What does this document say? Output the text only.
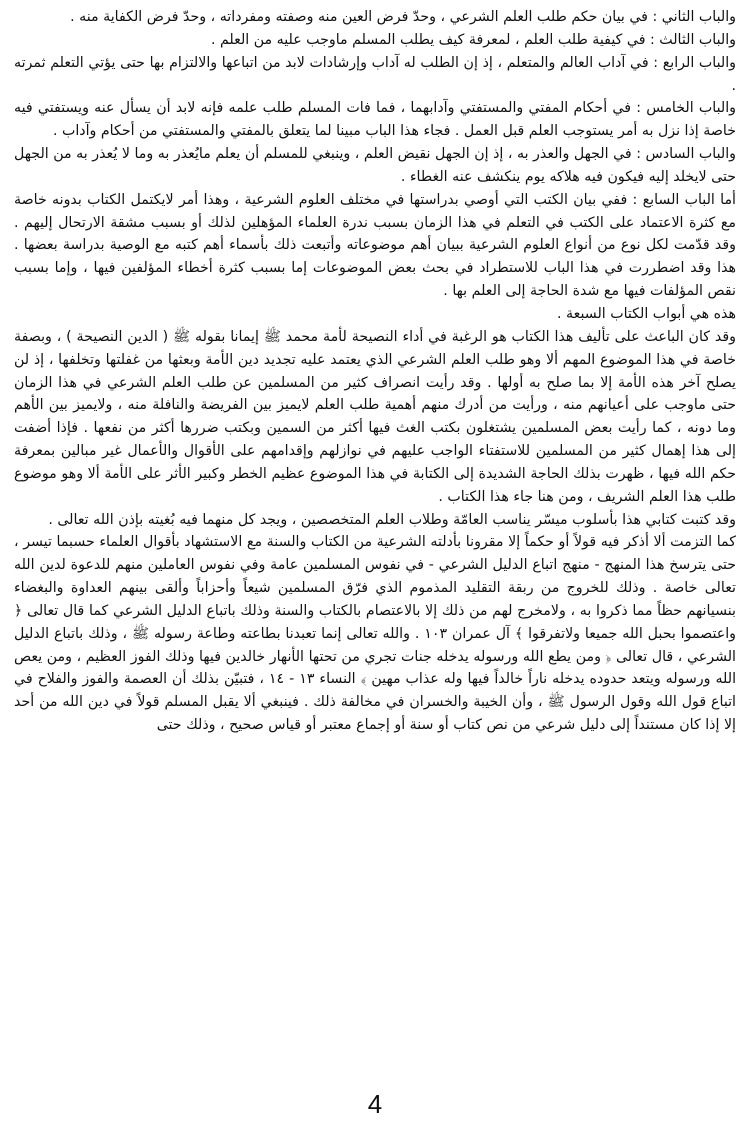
والباب الثاني : في بيان حكم طلب العلم الشرعي ، وحدّ فرض العين منه وصفته ومفرداته ، وحدّ فرض الكفاية منه .

والباب الثالث : في كيفية طلب العلم ، لمعرفة كيف يطلب المسلم ماوجب عليه من العلم .

والباب الرابع : في آداب العالم والمتعلم ، إذ إن الطلب له آداب وإرشادات لابد من اتباعها والالتزام بها حتى يؤتي التعلم ثمرته .

والباب الخامس : في أحكام المفتي والمستفتي وآدابهما ، فما فات المسلم طلب علمه فإنه لابد أن يسأل عنه ويستفتي فيه خاصة إذا نزل به أمر يستوجب العلم قبل العمل . فجاء هذا الباب مبينا لما يتعلق بالمفتي والمستفتي من أحكام وآداب .

والباب السادس : في الجهل والعذر به ، إذ إن الجهل نقيض العلم ، وينبغي للمسلم أن يعلم مايُعذر به وما لا يُعذر به من الجهل حتى لايخلد إليه فيكون فيه هلاكه يوم ينكشف عنه الغطاء .

أما الباب السابع : ففي بيان الكتب التي أوصي بدراستها في مختلف العلوم الشرعية ، وهذا أمر لايكتمل الكتاب بدونه خاصة مع كثرة الاعتماد على الكتب في التعلم في هذا الزمان بسبب ندرة العلماء المؤهلين لذلك أو بسبب مشقة الارتحال إليهم . وقد قدّمت لكل نوع من أنواع العلوم الشرعية ببيان أهم موضوعاته وأتبعت ذلك بأسماء أهم كتبه مع الوصية بدراسة بعضها . هذا وقد اضطررت في هذا الباب للاستطراد في بحث بعض الموضوعات إما بسبب كثرة أخطاء المؤلفين فيها ، وإما بسبب نقص المؤلفات فيها مع شدة الحاجة إلى العلم بها .

هذه هي أبواب الكتاب السبعة .

وقد كان الباعث على تأليف هذا الكتاب هو الرغبة في أداء النصيحة لأمة محمد ﷺ إيمانا بقوله ﷺ ( الدين النصيحة ) ، وبصفة خاصة في هذا الموضوع المهم ألا وهو طلب العلم الشرعي الذي يعتمد عليه تجديد دين الأمة وبعثها من غفلتها وتخلفها ، إذ لن يصلح آخر هذه الأمة إلا بما صلح به أولها . وقد رأيت انصراف كثير من المسلمين عن طلب العلم الشرعي في هذا الزمان حتى ماوجب على أعيانهم منه ، ورأيت من أدرك منهم أهمية طلب العلم لايميز بين الفريضة والنافلة منه ، ولايميز بين الأهم وما دونه ، كما رأيت بعض المسلمين يشتغلون بكتب الغث فيها أكثر من السمين وبكتب ضررها أكثر من نفعها . فإذا أضفت إلى هذا إهمال كثير من المسلمين للاستفتاء الواجب عليهم في نوازلهم وإقدامهم على الأقوال والأعمال غير مبالين بمعرفة حكم الله فيها ، ظهرت بذلك الحاجة الشديدة إلى الكتابة في هذا الموضوع عظيم الخطر وكبير الأثر على الأمة ألا وهو موضوع طلب هذا العلم الشريف ، ومن هنا جاء هذا الكتاب .

وقد كتبت كتابي هذا بأسلوب ميسّر يناسب العامّة وطلاب العلم المتخصصين ، ويجد كل منهما فيه بُغيته بإذن الله تعالى .

كما التزمت ألا أذكر فيه قولاً أو حكماً إلا مقرونا بأدلته الشرعية من الكتاب والسنة مع الاستشهاد بأقوال العلماء حسبما تيسر ، حتى يترسخ هذا المنهج - منهج اتباع الدليل الشرعي - في نفوس المسلمين عامة وفي نفوس العاملين منهم للدعوة لدين الله تعالى خاصة . وذلك للخروج من ربقة التقليد المذموم الذي فرّق المسلمين شيعاً وأحزاباً وألقى بينهم العداوة والبغضاء بنسيانهم حظاً مما ذكروا به ، ولامخرج لهم من ذلك إلا بالاعتصام بالكتاب والسنة وذلك باتباع الدليل الشرعي كما قال تعالى ﴿ واعتصموا بحبل الله جميعا ولاتفرقوا ﴾ آل عمران ١٠٣ . والله تعالى إنما تعبدنا بطاعته وطاعة رسوله ﷺ ، وذلك باتباع الدليل الشرعي ، قال تعالى ﴿ ومن يطع الله ورسوله يدخله جنات تجري من تحتها الأنهار خالدين فيها وذلك الفوز العظيم ، ومن يعص الله ورسوله ويتعد حدوده يدخله ناراً خالداً فيها وله عذاب مهين ﴾ النساء ١٣ - ١٤ ، فتبيّن بذلك أن العصمة والفوز والفلاح في اتباع قول الله وقول الرسول ﷺ ، وأن الخيبة والخسران في مخالفة ذلك . فينبغي ألا يقبل المسلم قولاً في دين الله من أحد إلا إذا كان مستنداً إلى دليل شرعي من نص كتاب أو سنة أو إجماع معتبر أو قياس صحيح ، وذلك حتى

4
